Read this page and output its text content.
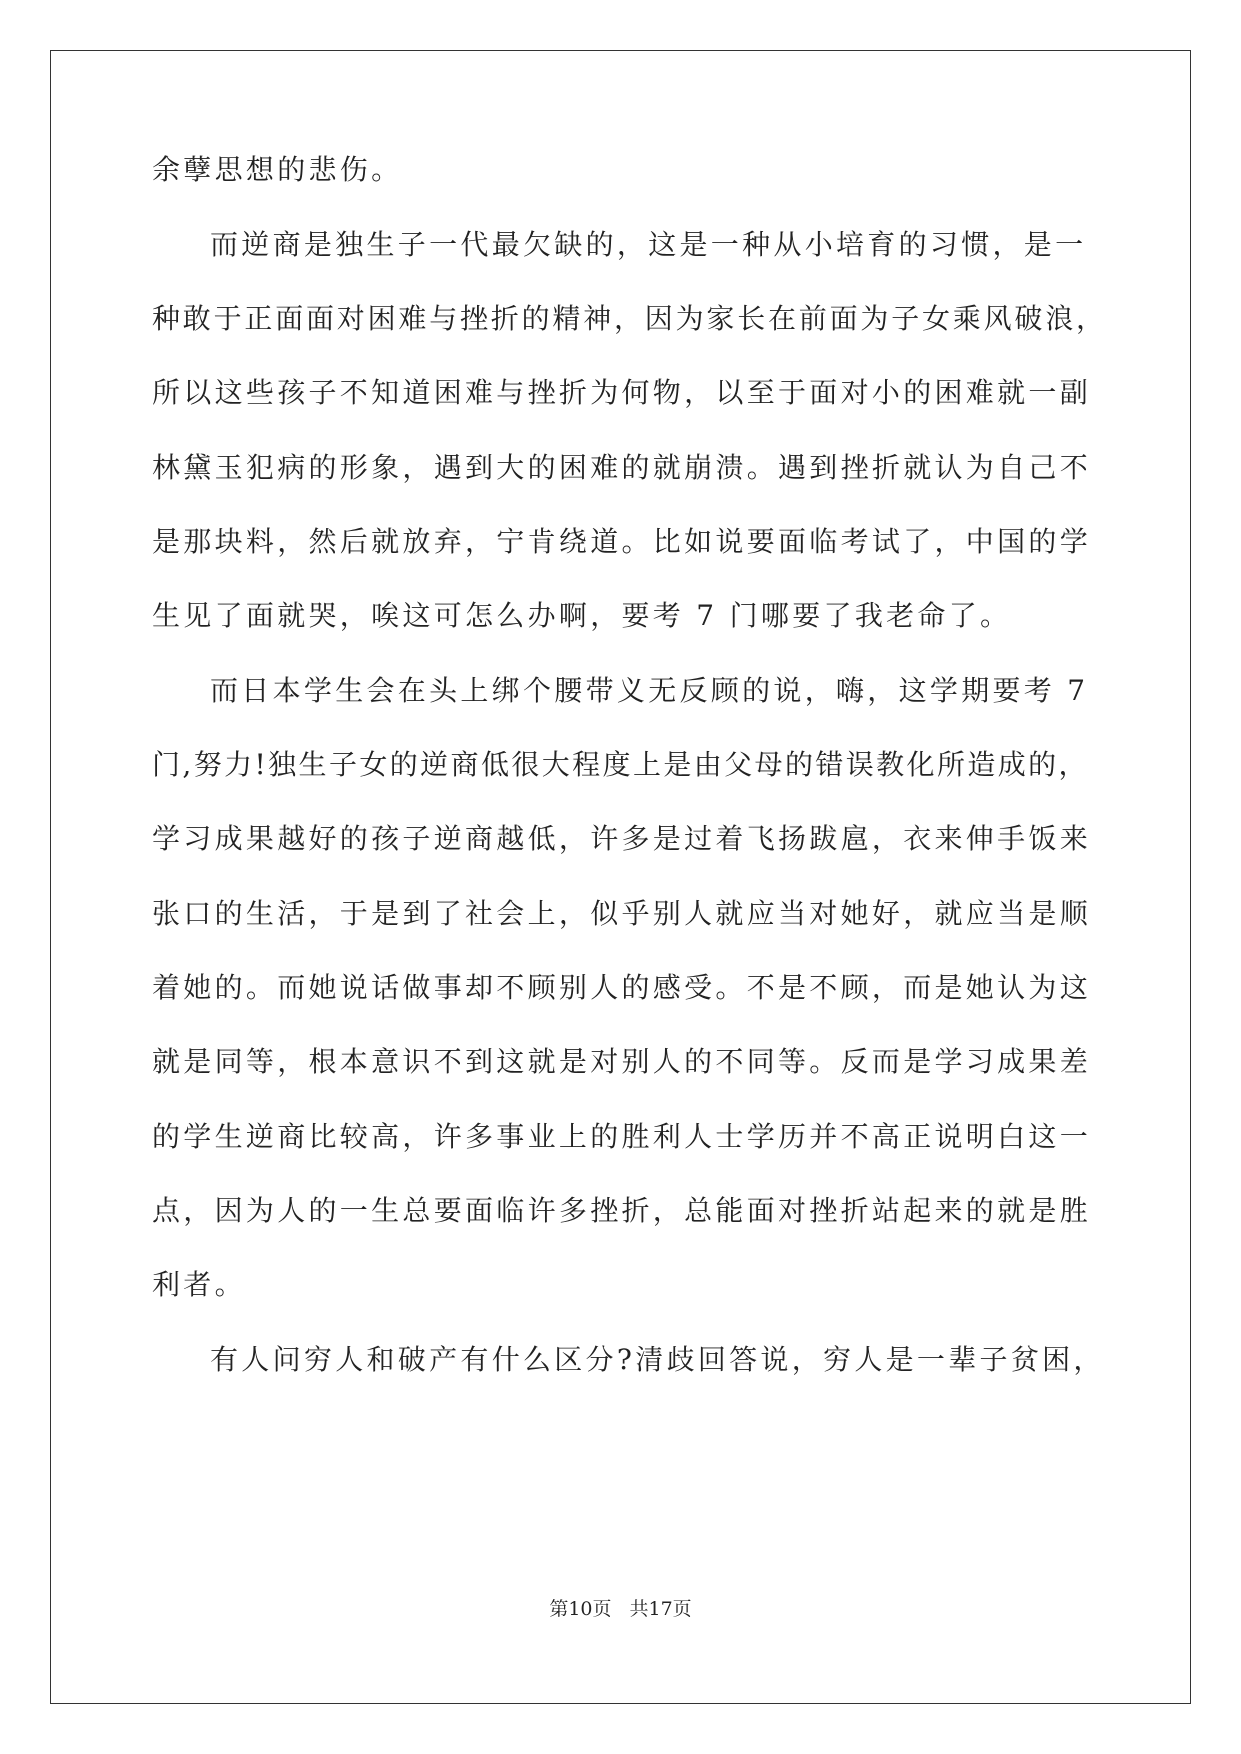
余孽思想的悲伤。
而逆商是独生子一代最欠缺的，这是一种从小培育的习惯，是一
种敢于正面面对困难与挫折的精神，因为家长在前面为子女乘风破浪，
所以这些孩子不知道困难与挫折为何物，以至于面对小的困难就一副
林黛玉犯病的形象，遇到大的困难的就崩溃。遇到挫折就认为自己不
是那块料，然后就放弃，宁肯绕道。比如说要面临考试了，中国的学
生见了面就哭，唉这可怎么办啊，要考 7 门哪要了我老命了。
而日本学生会在头上绑个腰带义无反顾的说，嗨，这学期要考 7
门,努力!独生子女的逆商低很大程度上是由父母的错误教化所造成的，
学习成果越好的孩子逆商越低，许多是过着飞扬跋扈，衣来伸手饭来
张口的生活，于是到了社会上，似乎别人就应当对她好，就应当是顺
着她的。而她说话做事却不顾别人的感受。不是不顾，而是她认为这
就是同等，根本意识不到这就是对别人的不同等。反而是学习成果差
的学生逆商比较高，许多事业上的胜利人士学历并不高正说明白这一
点，因为人的一生总要面临许多挫折，总能面对挫折站起来的就是胜
利者。
有人问穷人和破产有什么区分?清歧回答说，穷人是一辈子贫困，
第10页 共17页
